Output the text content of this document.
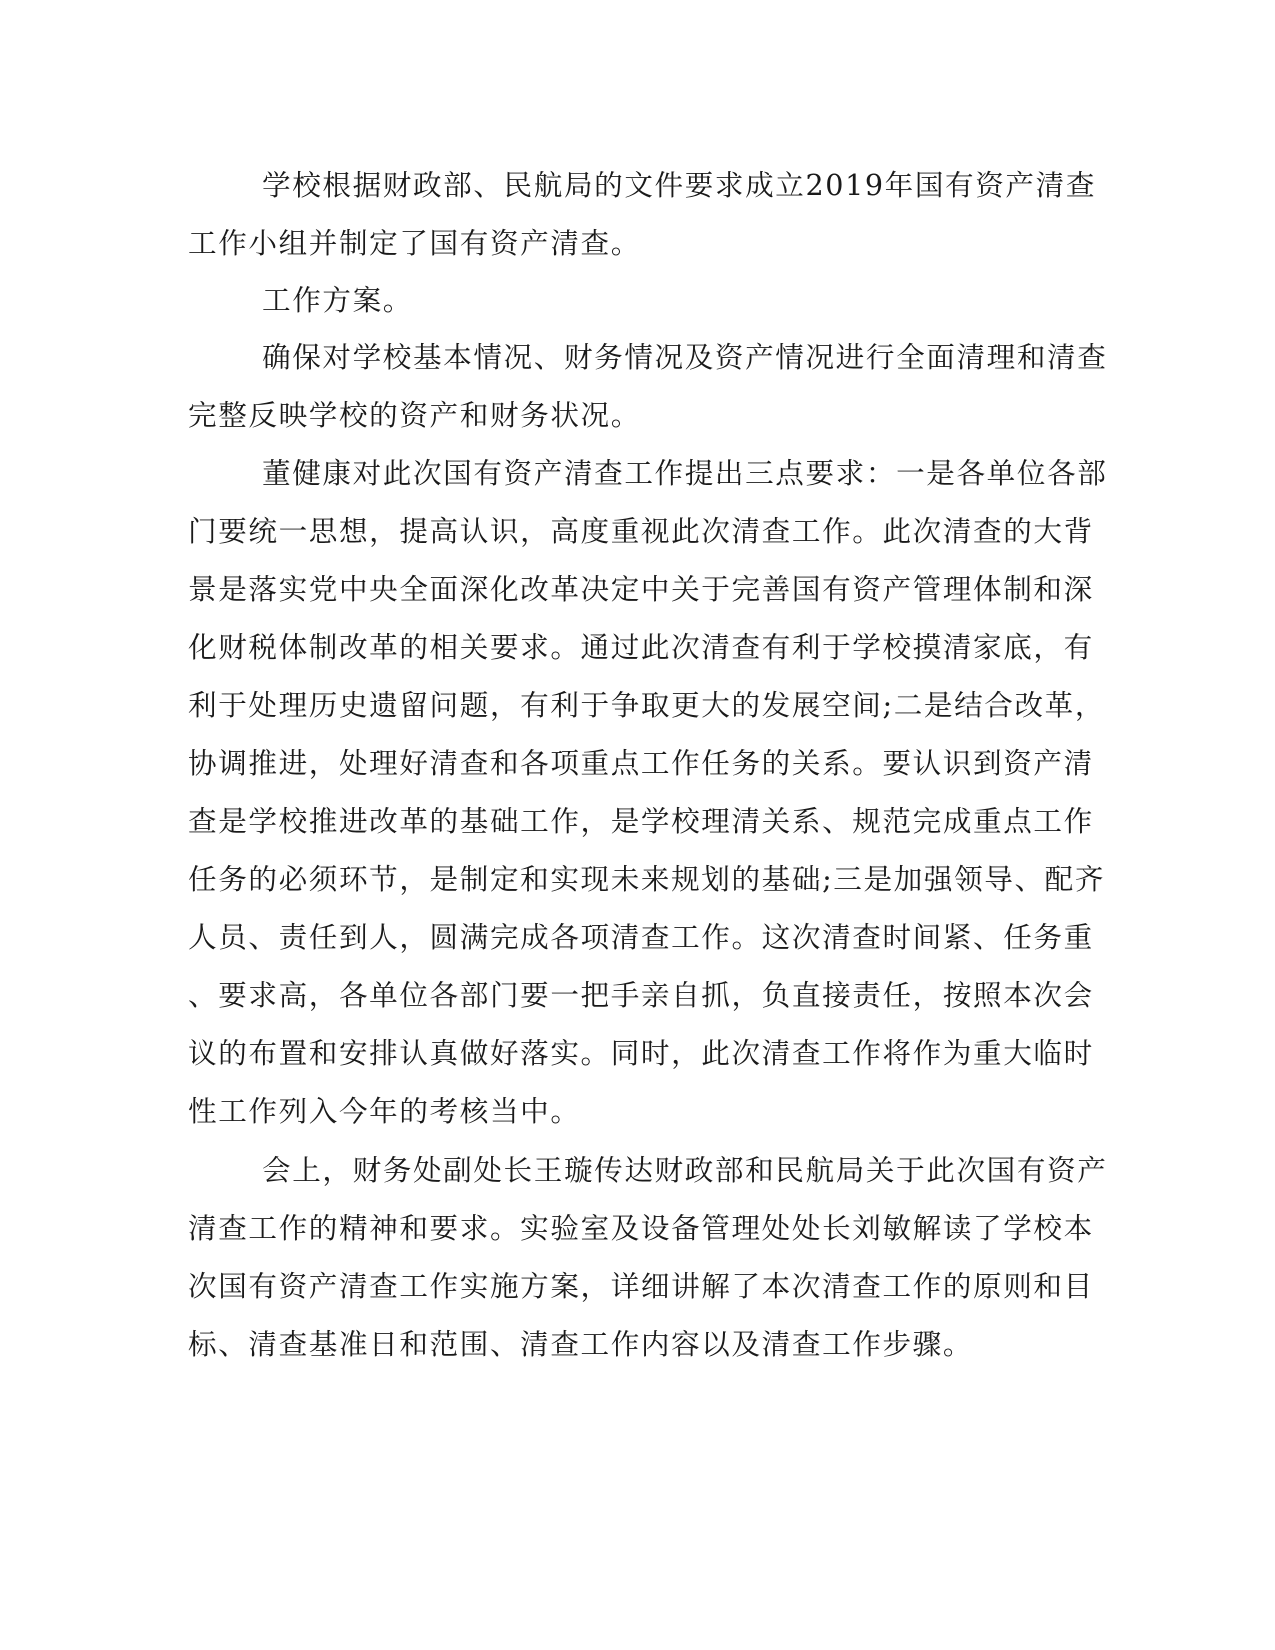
学校根据财政部、民航局的文件要求成立2019年国有资产清查
工作小组并制定了国有资产清查。
工作方案。
确保对学校基本情况、财务情况及资产情况进行全面清理和清查
完整反映学校的资产和财务状况。
董健康对此次国有资产清查工作提出三点要求：一是各单位各部
门要统一思想，提高认识，高度重视此次清查工作。此次清查的大背
景是落实党中央全面深化改革决定中关于完善国有资产管理体制和深
化财税体制改革的相关要求。通过此次清查有利于学校摸清家底，有
利于处理历史遗留问题，有利于争取更大的发展空间;二是结合改革，
协调推进，处理好清查和各项重点工作任务的关系。要认识到资产清
查是学校推进改革的基础工作，是学校理清关系、规范完成重点工作
任务的必须环节，是制定和实现未来规划的基础;三是加强领导、配齐
人员、责任到人，圆满完成各项清查工作。这次清查时间紧、任务重
、要求高，各单位各部门要一把手亲自抓，负直接责任，按照本次会
议的布置和安排认真做好落实。同时，此次清查工作将作为重大临时
性工作列入今年的考核当中。
会上，财务处副处长王璇传达财政部和民航局关于此次国有资产
清查工作的精神和要求。实验室及设备管理处处长刘敏解读了学校本
次国有资产清查工作实施方案，详细讲解了本次清查工作的原则和目
标、清查基准日和范围、清查工作内容以及清查工作步骤。
